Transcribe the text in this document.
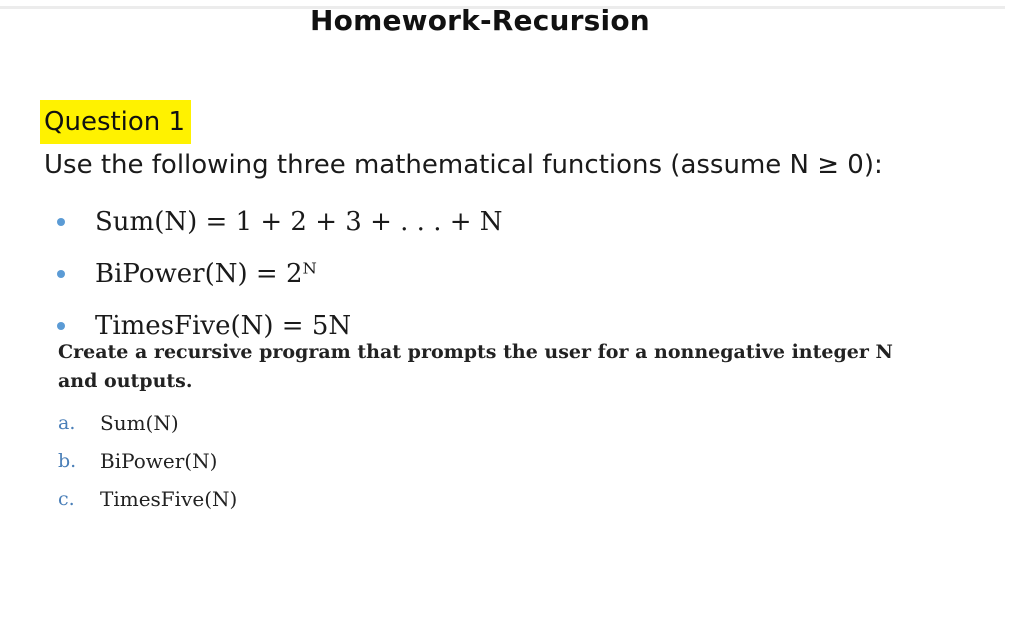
Homework-Recursion
Question 1
Use the following three mathematical functions (assume N ≥ 0):
Sum(N) = 1 + 2 + 3 + . . . + N
BiPower(N) = 2ᴺ
TimesFive(N) = 5N
Create a recursive program that prompts the user for a nonnegative integer N and outputs.
a.	Sum(N)
b.	BiPower(N)
c.	TimesFive(N)
